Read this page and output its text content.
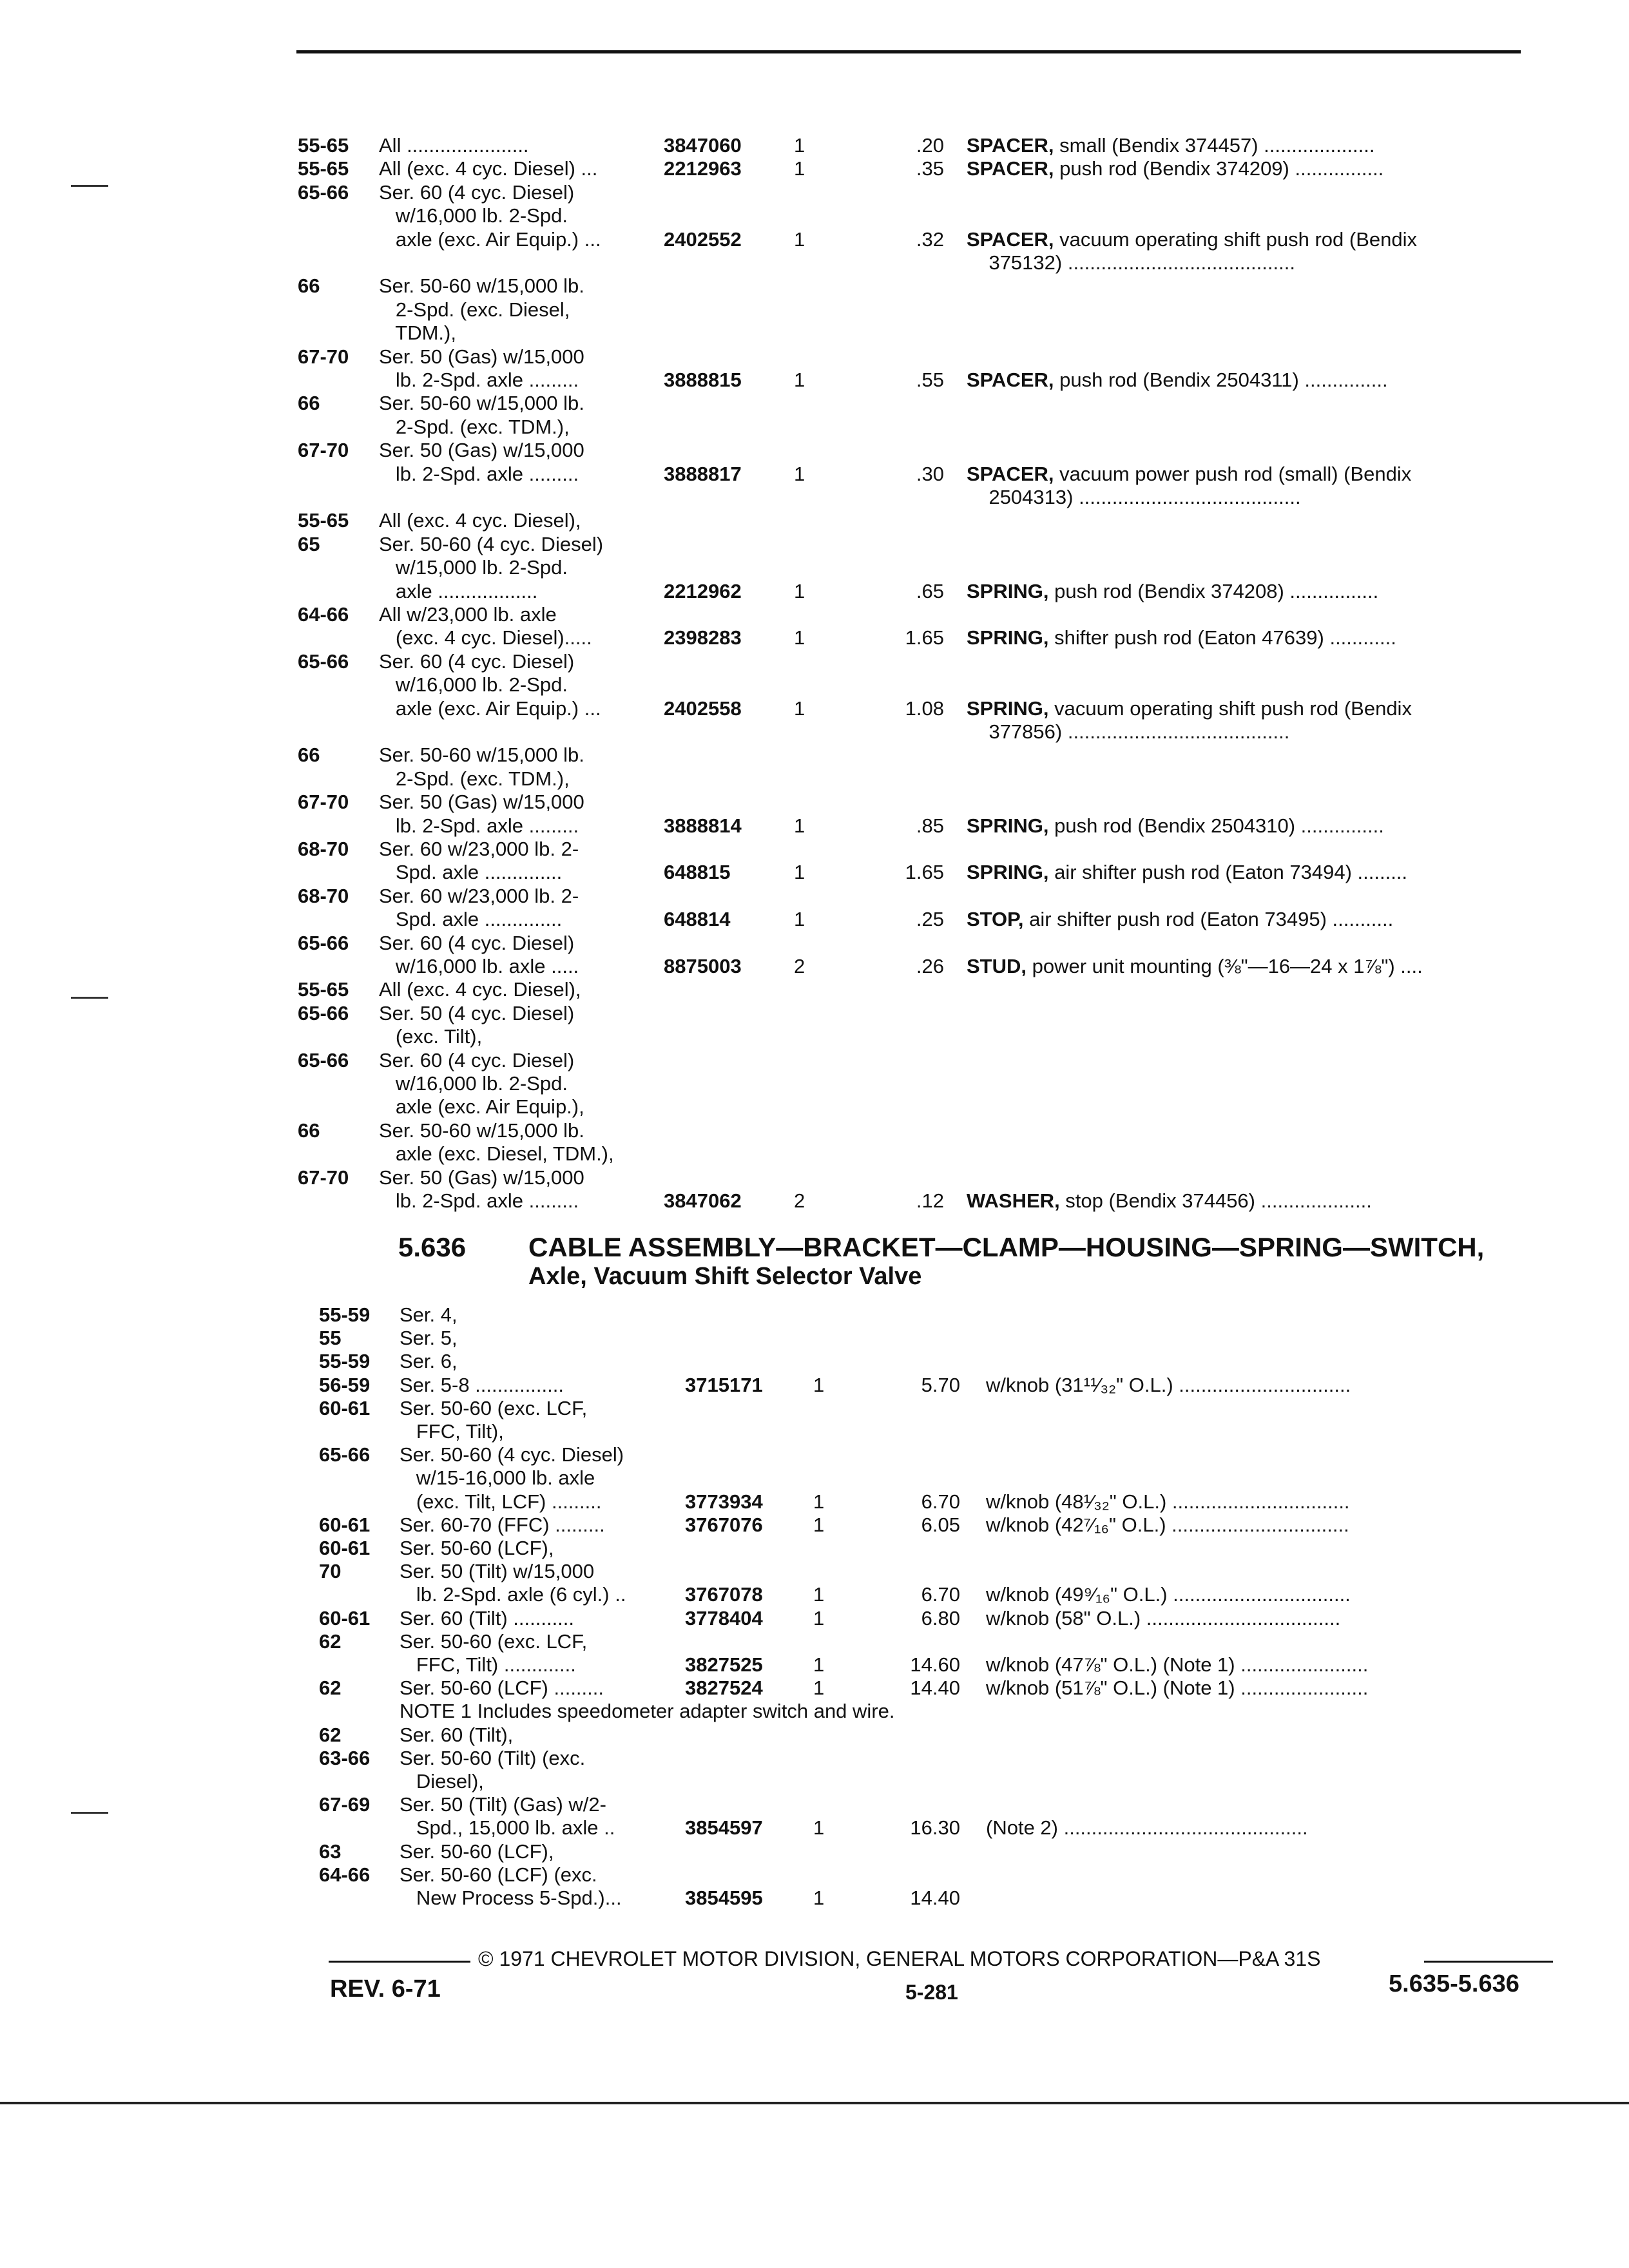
55-65 All ......................	3847060	1	.20 SPACER, small (Bendix 374457) ....................
55-65 All (exc. 4 cyc. Diesel) ...	2212963	1	.35 SPACER, push rod (Bendix 374209) ................
65-66 Ser. 60 (4 cyc. Diesel)
w/16,000 lb. 2-Spd.
axle (exc. Air Equip.) ...	2402552	1	.32 SPACER, vacuum operating shift push rod (Bendix
375132) .........................................
66	Ser. 50-60 w/15,000 lb.
2-Spd. (exc. Diesel,
TDM.),
67-70 Ser. 50 (Gas) w/15,000
lb. 2-Spd. axle .........	3888815	1	.55 SPACER, push rod (Bendix 2504311) ...............
66	Ser. 50-60 w/15,000 lb.
2-Spd. (exc. TDM.),
67-70 Ser. 50 (Gas) w/15,000
lb. 2-Spd. axle .........	3888817	1	.30 SPACER, vacuum power push rod (small) (Bendix
2504313) ........................................
55-65 All (exc. 4 cyc. Diesel),
65	Ser. 50-60 (4 cyc. Diesel)
w/15,000 lb. 2-Spd.
axle ..................	2212962	1	.65 SPRING, push rod (Bendix 374208) ................
64-66 All w/23,000 lb. axle
(exc. 4 cyc. Diesel).....	2398283	1	1.65 SPRING, shifter push rod (Eaton 47639) ............
65-66 Ser. 60 (4 cyc. Diesel)
w/16,000 lb. 2-Spd.
axle (exc. Air Equip.) ...	2402558	1	1.08 SPRING, vacuum operating shift push rod (Bendix
377856) ........................................
66	Ser. 50-60 w/15,000 lb.
2-Spd. (exc. TDM.),
67-70 Ser. 50 (Gas) w/15,000
lb. 2-Spd. axle .........	3888814	1	.85 SPRING, push rod (Bendix 2504310) ...............
68-70 Ser. 60 w/23,000 lb. 2-
Spd. axle ..............	648815	1	1.65 SPRING, air shifter push rod (Eaton 73494) .........
68-70 Ser. 60 w/23,000 lb. 2-
Spd. axle ..............	648814	1	.25 STOP, air shifter push rod (Eaton 73495) ...........
65-66 Ser. 60 (4 cyc. Diesel)
w/16,000 lb. axle .....	8875003	2	.26 STUD, power unit mounting (⅜"—16—24 x 1⅞") ....
55-65 All (exc. 4 cyc. Diesel),
65-66 Ser. 50 (4 cyc. Diesel)
(exc. Tilt),
65-66 Ser. 60 (4 cyc. Diesel)
w/16,000 lb. 2-Spd.
axle (exc. Air Equip.),
66	Ser. 50-60 w/15,000 lb.
axle (exc. Diesel, TDM.),
67-70 Ser. 50 (Gas) w/15,000
lb. 2-Spd. axle .........	3847062	2	.12 WASHER, stop (Bendix 374456) ....................
55-59 Ser. 4,
55	Ser. 5,
55-59 Ser. 6,
56-59 Ser. 5-8 ................	3715171	1	5.70 w/knob (31¹¹⁄₃₂" O.L.) ...............................
60-61 Ser. 50-60 (exc. LCF,
FFC, Tilt),
65-66 Ser. 50-60 (4 cyc. Diesel)
w/15-16,000 lb. axle
(exc. Tilt, LCF) .........	3773934	1	6.70 w/knob (48¹⁄₃₂" O.L.) ................................
60-61 Ser. 60-70 (FFC) .........	3767076	1	6.05 w/knob (42⁷⁄₁₆" O.L.) ................................
60-61 Ser. 50-60 (LCF),
70	Ser. 50 (Tilt) w/15,000
lb. 2-Spd. axle (6 cyl.) ..	3767078	1	6.70 w/knob (49⁹⁄₁₆" O.L.) ................................
60-61 Ser. 60 (Tilt) ...........	3778404	1	6.80 w/knob (58" O.L.) ...................................
62	Ser. 50-60 (exc. LCF,
FFC, Tilt) .............	3827525	1	14.60 w/knob (47⅞" O.L.) (Note 1) .......................
62	Ser. 50-60 (LCF) .........	3827524	1	14.40 w/knob (51⅞" O.L.) (Note 1) .......................
NOTE 1 Includes speedometer adapter switch and wire.
62	Ser. 60 (Tilt),
63-66 Ser. 50-60 (Tilt) (exc.
Diesel),
67-69 Ser. 50 (Tilt) (Gas) w/2-
Spd., 15,000 lb. axle ..	3854597	1	16.30 (Note 2) ............................................
63	Ser. 50-60 (LCF),
64-66 Ser. 50-60 (LCF) (exc.
New Process 5-Spd.)...	3854595	1	14.40
5.636 CABLE ASSEMBLY—BRACKET—CLAMP—HOUSING—SPRING—SWITCH,
Axle, Vacuum Shift Selector Valve
© 1971 CHEVROLET MOTOR DIVISION, GENERAL MOTORS CORPORATION—P&A 31S
REV. 6-71	5-281	5.635-5.636
